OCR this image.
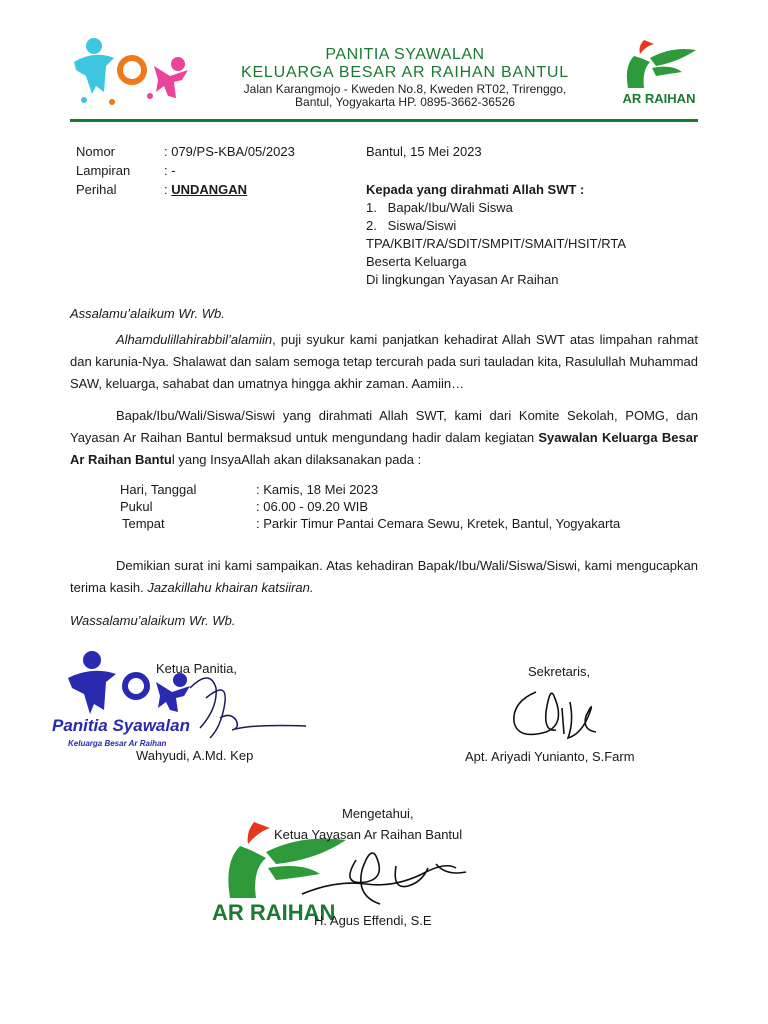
PANITIA SYAWALAN
KELUARGA BESAR AR RAIHAN BANTUL
Jalan Karangmojo - Kweden No.8, Kweden RT02, Trirenggo,
Bantul, Yogyakarta HP. 0895-3662-36526	AR RAIHAN
Nomor	: 079/PS-KBA/05/2023
Lampiran	: -
Perihal	: UNDANGAN
Bantul, 15 Mei 2023
Kepada yang dirahmati Allah SWT :
1.   Bapak/Ibu/Wali Siswa
2.   Siswa/Siswi
TPA/KBIT/RA/SDIT/SMPIT/SMAIT/HSIT/RTA
Beserta Keluarga
Di lingkungan Yayasan Ar Raihan
Assalamu’alaikum Wr. Wb.
Alhamdulillahirabbil’alamiin, puji syukur kami panjatkan kehadirat Allah SWT atas limpahan rahmat dan karunia-Nya. Shalawat dan salam semoga tetap tercurah pada suri tauladan kita, Rasulullah Muhammad SAW, keluarga, sahabat dan umatnya hingga akhir zaman. Aamiin…
Bapak/Ibu/Wali/Siswa/Siswi yang dirahmati Allah SWT, kami dari Komite Sekolah, POMG, dan Yayasan Ar Raihan Bantul bermaksud untuk mengundang hadir dalam kegiatan Syawalan Keluarga Besar Ar Raihan Bantul yang InsyaAllah akan dilaksanakan pada :
Hari, Tanggal	: Kamis, 18 Mei 2023
Pukul	: 06.00 - 09.20 WIB
Tempat	: Parkir Timur Pantai Cemara Sewu, Kretek, Bantul, Yogyakarta
Demikian surat ini kami sampaikan. Atas kehadiran Bapak/Ibu/Wali/Siswa/Siswi, kami mengucapkan terima kasih. Jazakillahu khairan katsiiran.
Wassalamu’alaikum Wr. Wb.
Panitia Syawalan
Keluarga Besar Ar Raihan
Ketua Panitia,
Wahyudi, A.Md. Kep
Sekretaris,
Apt. Ariyadi Yunianto, S.Farm
Mengetahui,
AR RAIHAN
Ketua Yayasan Ar Raihan Bantul
H. Agus Effendi, S.E
